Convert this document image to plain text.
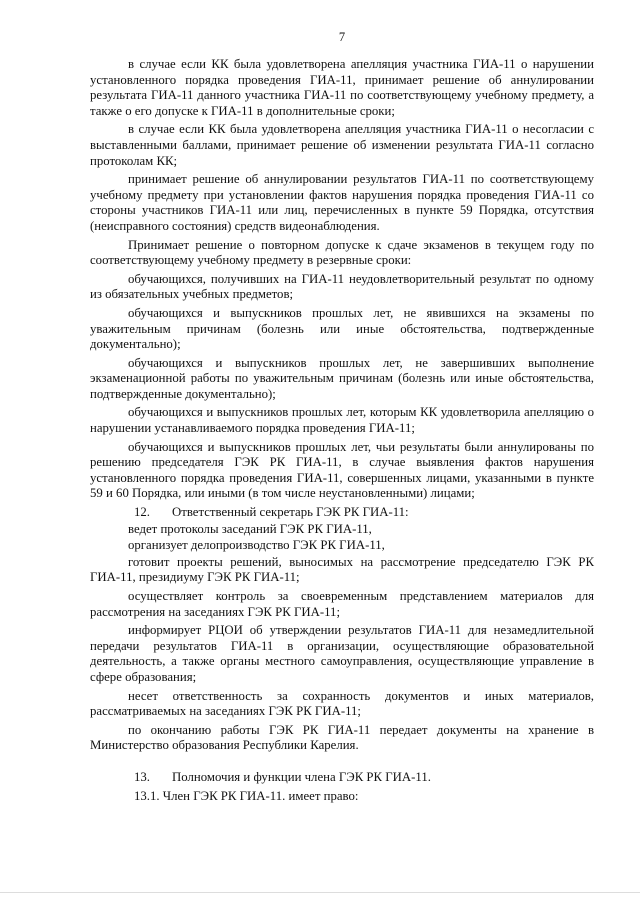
7

в случае если КК была удовлетворена апелляция участника ГИА-11 о нарушении установленного порядка проведения ГИА-11, принимает решение об аннулировании результата ГИА-11 данного участника ГИА-11 по соответствующему учебному предмету, а также о его допуске к ГИА-11 в дополнительные сроки;

в случае если КК была удовлетворена апелляция участника ГИА-11 о несогласии с выставленными баллами, принимает решение об изменении результата ГИА-11 согласно протоколам КК;

принимает решение об аннулировании результатов ГИА-11 по соответствующему учебному предмету при установлении фактов нарушения порядка проведения ГИА-11 со стороны участников ГИА-11 или лиц, перечисленных в пункте 59 Порядка, отсутствия (неисправного состояния) средств видеонаблюдения.

Принимает решение о повторном допуске к сдаче экзаменов в текущем году по соответствующему учебному предмету в резервные сроки:

обучающихся, получивших на ГИА-11 неудовлетворительный результат по одному из обязательных учебных предметов;

обучающихся и выпускников прошлых лет, не явившихся на экзамены по уважительным причинам (болезнь или иные обстоятельства, подтвержденные документально);

обучающихся и выпускников прошлых лет, не завершивших выполнение экзаменационной работы по уважительным причинам (болезнь или иные обстоятельства, подтвержденные документально);

обучающихся и выпускников прошлых лет, которым КК удовлетворила апелляцию о нарушении устанавливаемого порядка проведения ГИА-11;

обучающихся и выпускников прошлых лет, чьи результаты были аннулированы по решению председателя ГЭК РК ГИА-11, в случае выявления фактов нарушения установленного порядка проведения ГИА-11, совершенных лицами, указанными в пункте 59 и 60 Порядка, или иными (в том числе неустановленными) лицами;

12. Ответственный секретарь ГЭК РК ГИА-11:

ведет протоколы заседаний ГЭК РК ГИА-11,

организует делопроизводство ГЭК РК ГИА-11,

готовит проекты решений, выносимых на рассмотрение председателю ГЭК РК ГИА-11, президиуму ГЭК РК ГИА-11;

осуществляет контроль за своевременным представлением материалов для рассмотрения на заседаниях ГЭК РК ГИА-11;

информирует РЦОИ об утверждении результатов ГИА-11 для незамедлительной передачи результатов ГИА-11 в организации, осуществляющие образовательной деятельность, а также органы местного самоуправления, осуществляющие управление в сфере образования;

несет ответственность за сохранность документов и иных материалов, рассматриваемых на заседаниях ГЭК РК ГИА-11;

по окончанию работы ГЭК РК ГИА-11 передает документы на хранение в Министерство образования Республики Карелия.

13. Полномочия и функции члена ГЭК РК ГИА-11.

13.1. Член ГЭК РК ГИА-11. имеет право:
